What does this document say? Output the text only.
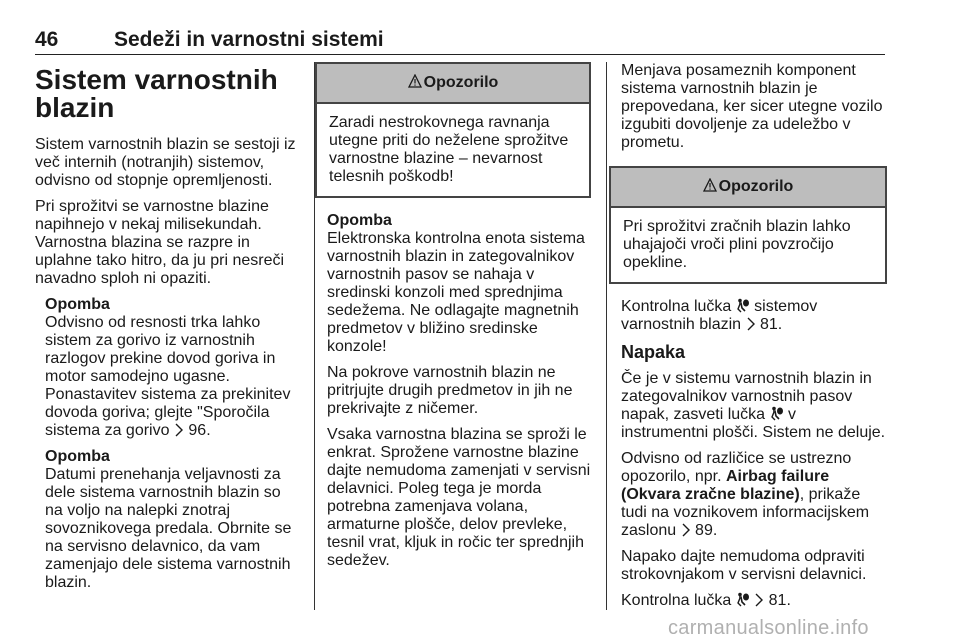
46	Sedeži in varnostni sistemi
Sistem varnostnih blazin

Sistem varnostnih blazin se sestoji iz več internih (notranjih) sistemov, odvisno od stopnje opremljenosti.

Pri sprožitvi se varnostne blazine napihnejo v nekaj milisekundah. Varnostna blazina se razpre in uplahne tako hitro, da ju pri nesreči navadno sploh ni opaziti.

Opomba
Odvisno od resnosti trka lahko sistem za gorivo iz varnostnih razlogov prekine dovod goriva in motor samodejno ugasne. Ponastavitev sistema za prekinitev dovoda goriva; glejte "Sporočila sistema za gorivo  96.
Opomba
Datumi prenehanja veljavnosti za dele sistema varnostnih blazin so na voljo na nalepki znotraj sovoznikovega predala. Obrnite se na servisno delavnico, da vam zamenjajo dele sistema varnostnih blazin.
Opozorilo
Zaradi nestrokovnega ravnanja utegne priti do neželene sprožitve varnostne blazine – nevarnost telesnih poškodb!

Opomba
Elektronska kontrolna enota sistema varnostnih blazin in zategovalnikov varnostnih pasov se nahaja v sredinski konzoli med sprednjima sedežema. Ne odlagajte magnetnih predmetov v bližino sredinske konzole!

Na pokrove varnostnih blazin ne pritrjujte drugih predmetov in jih ne prekrivajte z ničemer.

Vsaka varnostna blazina se sproži le enkrat. Sprožene varnostne blazine dajte nemudoma zamenjati v servisni delavnici. Poleg tega je morda potrebna zamenjava volana, armaturne plošče, delov prevleke, tesnil vrat, kljuk in ročic ter sprednjih sedežev.

Menjava posameznih komponent sistema varnostnih blazin je prepovedana, ker sicer utegne vozilo izgubiti dovoljenje za udeležbo v prometu.

Opozorilo
Pri sprožitvi zračnih blazin lahko uhajajoči vroči plini povzročijo opekline.

Kontrolna lučka  sistemov varnostnih blazin  81.

Napaka

Če je v sistemu varnostnih blazin in zategovalnikov varnostnih pasov napak, zasveti lučka  v instrumentni plošči. Sistem ne deluje.

Odvisno od različice se ustrezno opozorilo, npr. Airbag failure (Okvara zračne blazine), prikaže tudi na voznikovem informacijskem zaslonu  89.

Napako dajte nemudoma odpraviti strokovnjakom v servisni delavnici.

Kontrolna lučka   81.

carmanualsonline.info
